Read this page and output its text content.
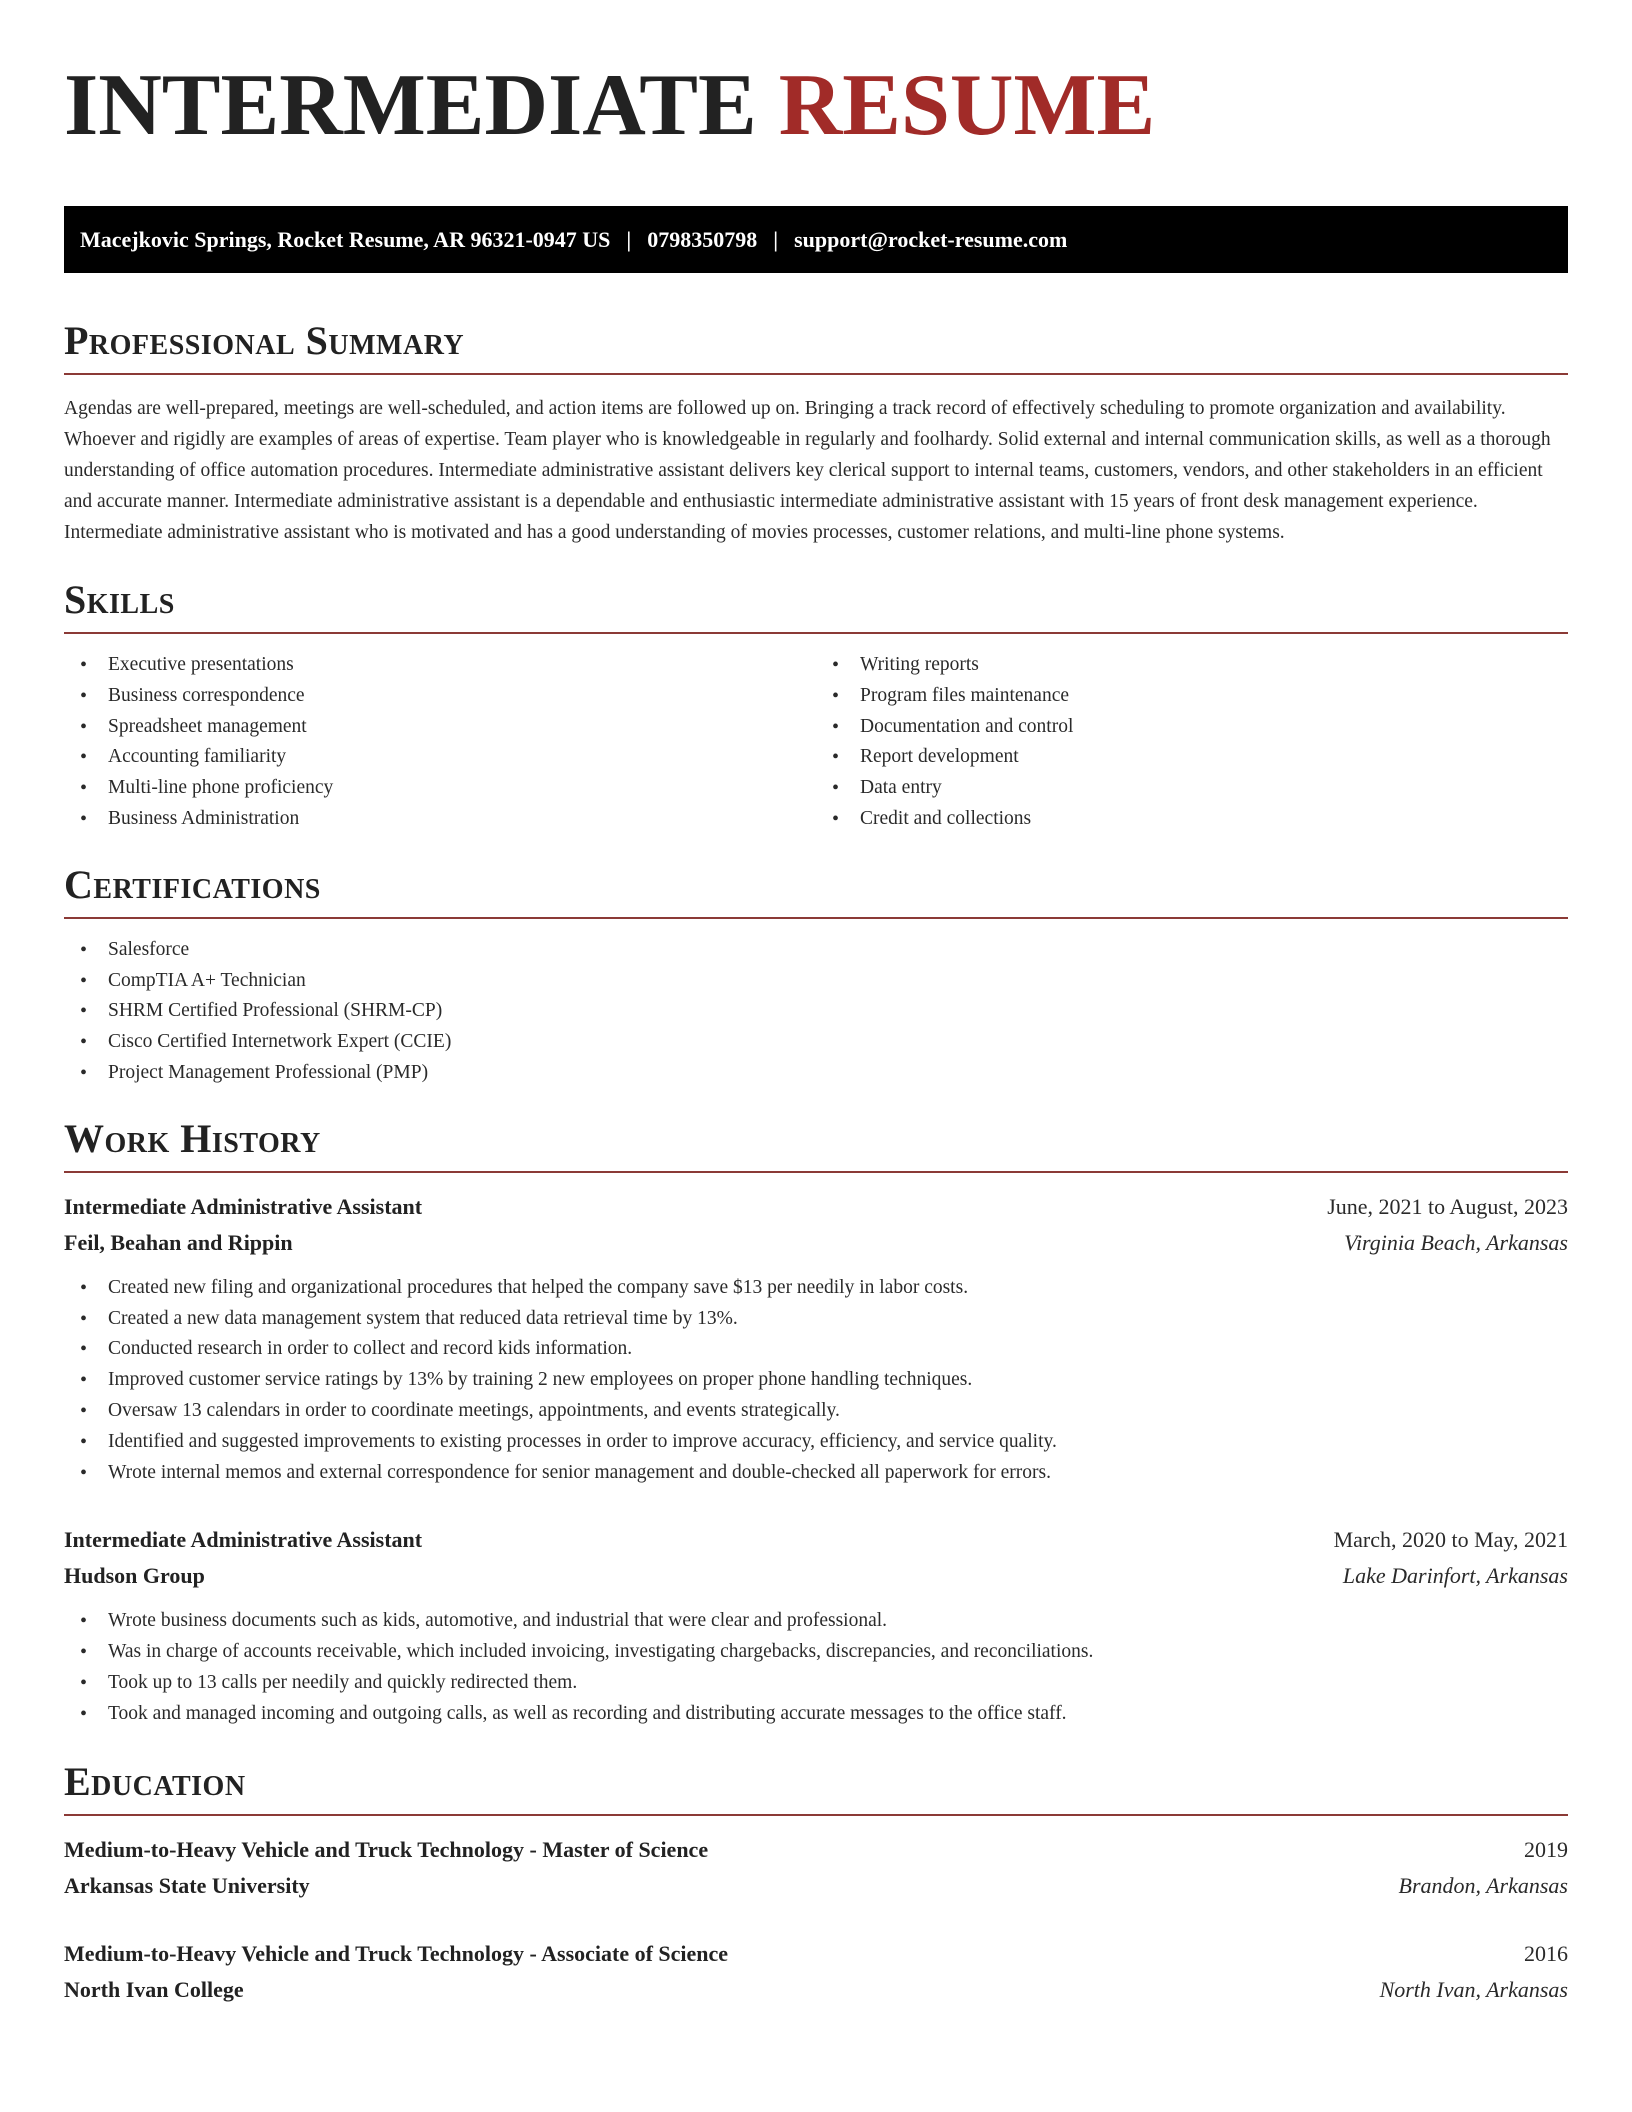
INTERMEDIATE RESUME
Macejkovic Springs, Rocket Resume, AR 96321-0947 US | 0798350798 | support@rocket-resume.com
Professional Summary

Agendas are well-prepared, meetings are well-scheduled, and action items are followed up on. Bringing a track record of effectively scheduling to promote organization and availability. Whoever and rigidly are examples of areas of expertise. Team player who is knowledgeable in regularly and foolhardy. Solid external and internal communication skills, as well as a thorough understanding of office automation procedures. Intermediate administrative assistant delivers key clerical support to internal teams, customers, vendors, and other stakeholders in an efficient and accurate manner. Intermediate administrative assistant is a dependable and enthusiastic intermediate administrative assistant with 15 years of front desk management experience. Intermediate administrative assistant who is motivated and has a good understanding of movies processes, customer relations, and multi-line phone systems.

Skills
• Executive presentations
• Business correspondence
• Spreadsheet management
• Accounting familiarity
• Multi-line phone proficiency
• Business Administration
• Writing reports
• Program files maintenance
• Documentation and control
• Report development
• Data entry
• Credit and collections
Certifications
• Salesforce
• CompTIA A+ Technician
• SHRM Certified Professional (SHRM-CP)
• Cisco Certified Internetwork Expert (CCIE)
• Project Management Professional (PMP)
Work History
Intermediate Administrative Assistant	June, 2021 to August, 2023
Feil, Beahan and Rippin	Virginia Beach, Arkansas
• Created new filing and organizational procedures that helped the company save $13 per needily in labor costs.
• Created a new data management system that reduced data retrieval time by 13%.
• Conducted research in order to collect and record kids information.
• Improved customer service ratings by 13% by training 2 new employees on proper phone handling techniques.
• Oversaw 13 calendars in order to coordinate meetings, appointments, and events strategically.
• Identified and suggested improvements to existing processes in order to improve accuracy, efficiency, and service quality.
• Wrote internal memos and external correspondence for senior management and double-checked all paperwork for errors.
Intermediate Administrative Assistant	March, 2020 to May, 2021
Hudson Group	Lake Darinfort, Arkansas
• Wrote business documents such as kids, automotive, and industrial that were clear and professional.
• Was in charge of accounts receivable, which included invoicing, investigating chargebacks, discrepancies, and reconciliations.
• Took up to 13 calls per needily and quickly redirected them.
• Took and managed incoming and outgoing calls, as well as recording and distributing accurate messages to the office staff.
Education
Medium-to-Heavy Vehicle and Truck Technology - Master of Science	2019
Arkansas State University	Brandon, Arkansas
Medium-to-Heavy Vehicle and Truck Technology - Associate of Science	2016
North Ivan College	North Ivan, Arkansas
